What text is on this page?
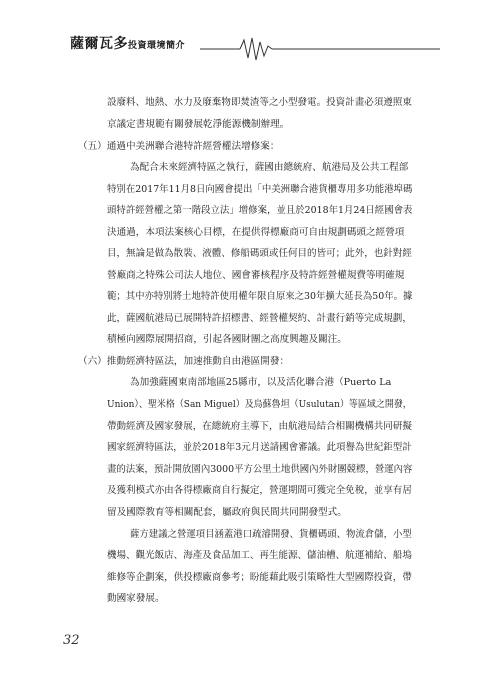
薩爾瓦多投資環境簡介
設廢料、地熱、水力及廢棄物即焚渣等之小型發電。投資計畫必須遵照東
京議定書規範有關發展乾淨能源機制辦理。
（五）通過中美洲聯合港特許經營權法增修案：
為配合未來經濟特區之執行，薩國由總統府、航港局及公共工程部
特別在2017年11月8日向國會提出「中美洲聯合港貨櫃專用多功能港埠碼
頭特許經營權之第一階段立法」增修案，並且於2018年1月24日經國會表
決通過，本項法案核心目標，在提供得標廠商可自由規劃碼頭之經營項
目，無論是做為散裝、液體、修船碼頭或任何目的皆可；此外，也針對經
營廠商之特殊公司法人地位、國會審核程序及特許經營權規費等明確規
範；其中亦特別將土地特許使用權年限自原來之30年擴大延長為50年。據
此，薩國航港局已展開特許招標書、經營權契約、計畫行銷等完成規劃，
積極向國際展開招商，引起各國財團之高度興趣及關注。
（六）推動經濟特區法，加速推動自由港區開發：
為加強薩國東南部地區25縣市，以及活化聯合港（Puerto La
Union）、聖米格（San Miguel）及烏蘇魯坦（Usulutan）等區域之開發，
帶動經濟及國家發展，在總統府主導下，由航港局結合相關機構共同研擬
國家經濟特區法，並於2018年3元月送請國會審議。此項譽為世紀鉅型計
畫的法案，預計開放園內3000平方公里土地供國內外財團競標，營運內容
及獲利模式亦由各得標廠商自行擬定，營運期間可獲完全免稅，並享有居
留及國際教育等相關配套，屬政府與民間共同開發型式。
薩方建議之營運項目涵蓋港口疏濬開發、貨櫃碼頭、物流倉儲，小型
機場、觀光飯店、海產及食品加工、再生能源、儲油槽、航運補給、船塢
維修等企劃案，供投標廠商參考；盼能藉此吸引策略性大型國際投資，帶
動國家發展。
32
